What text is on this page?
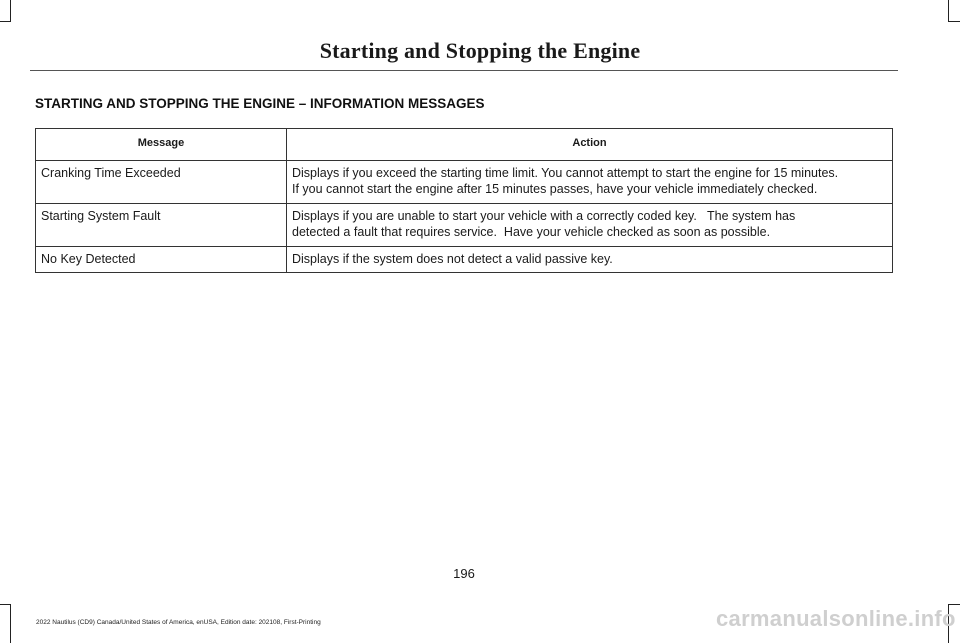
Starting and Stopping the Engine
STARTING AND STOPPING THE ENGINE – INFORMATION MESSAGES
Message	Action
Cranking Time Exceeded	Displays if you exceed the starting time limit. You cannot attempt to start the engine for 15 minutes.
If you cannot start the engine after 15 minutes passes, have your vehicle immediately checked.

Starting System Fault	Displays if you are unable to start your vehicle with a correctly coded key.   The system has
detected a fault that requires service.  Have your vehicle checked as soon as possible.

No Key Detected	Displays if the system does not detect a valid passive key.
196
2022 Nautilus (CD9) Canada/United States of America, enUSA, Edition date: 202108, First-Printing	carmanualsonline.info
